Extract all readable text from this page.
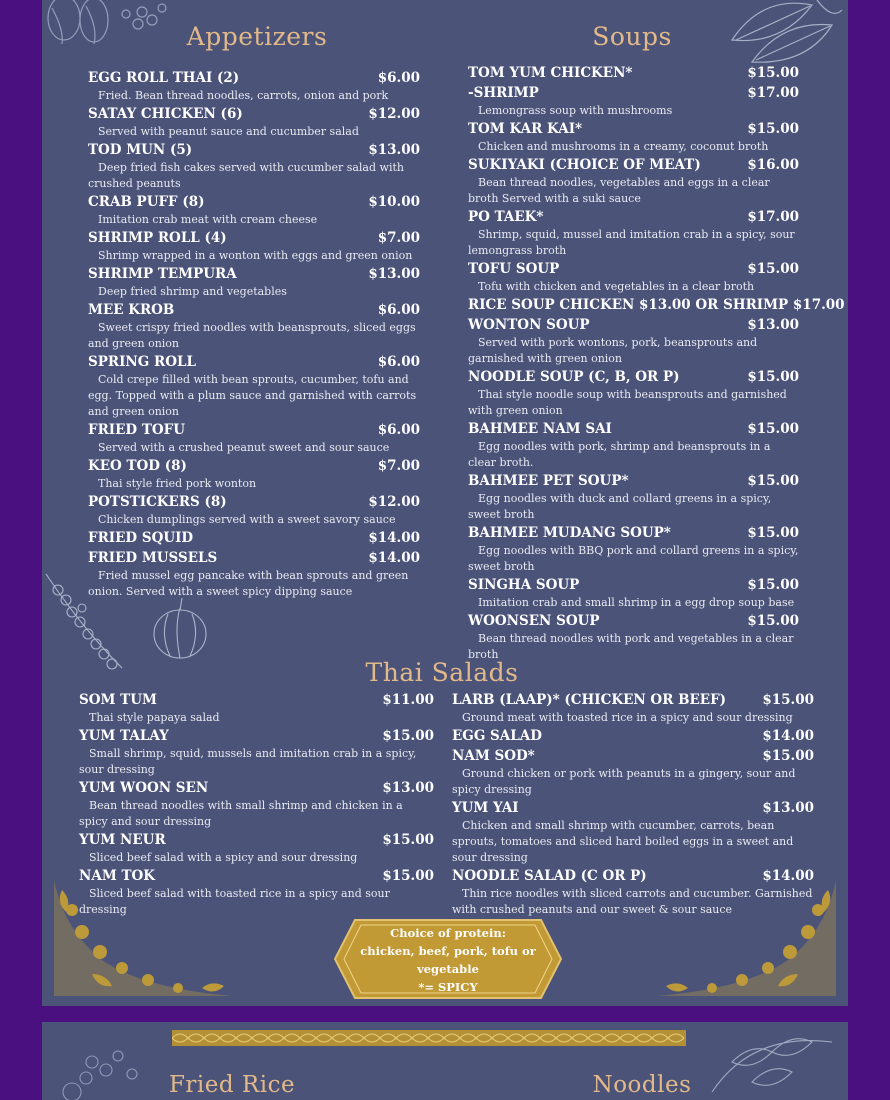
Appetizers
EGG ROLL THAI (2)	$6.00
Fried. Bean thread noodles, carrots, onion and pork
SATAY CHICKEN (6)	$12.00
Served with peanut sauce and cucumber salad
TOD MUN (5)	$13.00
Deep fried fish cakes served with cucumber salad with crushed peanuts
CRAB PUFF (8)	$10.00
Imitation crab meat with cream cheese
SHRIMP ROLL (4)	$7.00
Shrimp wrapped in a wonton with eggs and green onion
SHRIMP TEMPURA	$13.00
Deep fried shrimp and vegetables
MEE KROB	$6.00
Sweet crispy fried noodles with beansprouts, sliced eggs and green onion
SPRING ROLL	$6.00
Cold crepe filled with bean sprouts, cucumber, tofu and egg. Topped with a plum sauce and garnished with carrots and green onion
FRIED TOFU	$6.00
Served with a crushed peanut sweet and sour sauce
KEO TOD (8)	$7.00
Thai style fried pork wonton
POTSTICKERS (8)	$12.00
Chicken dumplings served with a sweet savory sauce
FRIED SQUID	$14.00
FRIED MUSSELS	$14.00
Fried mussel egg pancake with bean sprouts and green onion. Served with a sweet spicy dipping sauce
Soups
TOM YUM CHICKEN*	$15.00
-SHRIMP	$17.00
Lemongrass soup with mushrooms
TOM KAR KAI*	$15.00
Chicken and mushrooms in a creamy, coconut broth
SUKIYAKI (CHOICE OF MEAT)	$16.00
Bean thread noodles, vegetables and eggs in a clear broth Served with a suki sauce
PO TAEK*	$17.00
Shrimp, squid, mussel and imitation crab in a spicy, sour lemongrass broth
TOFU SOUP	$15.00
Tofu with chicken and vegetables in a clear broth
RICE SOUP CHICKEN $13.00 OR SHRIMP $17.00
WONTON SOUP	$13.00
Served with pork wontons, pork, beansprouts and garnished with green onion
NOODLE SOUP (C, B, OR P)	$15.00
Thai style noodle soup with beansprouts and garnished with green onion
BAHMEE NAM SAI	$15.00
Egg noodles with pork, shrimp and beansprouts in a clear broth.
BAHMEE PET SOUP*	$15.00
Egg noodles with duck and collard greens in a spicy, sweet broth
BAHMEE MUDANG SOUP*	$15.00
Egg noodles with BBQ pork and collard greens in a spicy, sweet broth
SINGHA SOUP	$15.00
Imitation crab and small shrimp in a egg drop soup base
WOONSEN SOUP	$15.00
Bean thread noodles with pork and vegetables in a clear broth
Thai Salads
SOM TUM	$11.00
Thai style papaya salad
YUM TALAY	$15.00
Small shrimp, squid, mussels and imitation crab in a spicy, sour dressing
YUM WOON SEN	$13.00
Bean thread noodles with small shrimp and chicken in a spicy and sour dressing
YUM NEUR	$15.00
Sliced beef salad with a spicy and sour dressing
NAM TOK	$15.00
Sliced beef salad with toasted rice in a spicy and sour dressing
LARB (LAAP)* (CHICKEN OR BEEF)	$15.00
Ground meat with toasted rice in a spicy and sour dressing
EGG SALAD	$14.00
NAM SOD*	$15.00
Ground chicken or pork with peanuts in a gingery, sour and spicy dressing
YUM YAI	$13.00
Chicken and small shrimp with cucumber, carrots, bean sprouts, tomatoes and sliced hard boiled eggs in a sweet and sour dressing
NOODLE SALAD (C OR P)	$14.00
Thin rice noodles with sliced carrots and cucumber. Garnished with crushed peanuts and our sweet & sour sauce
Choice of protein:
chicken, beef, pork, tofu or
vegetable
*= SPICY
Fried Rice	Noodles
